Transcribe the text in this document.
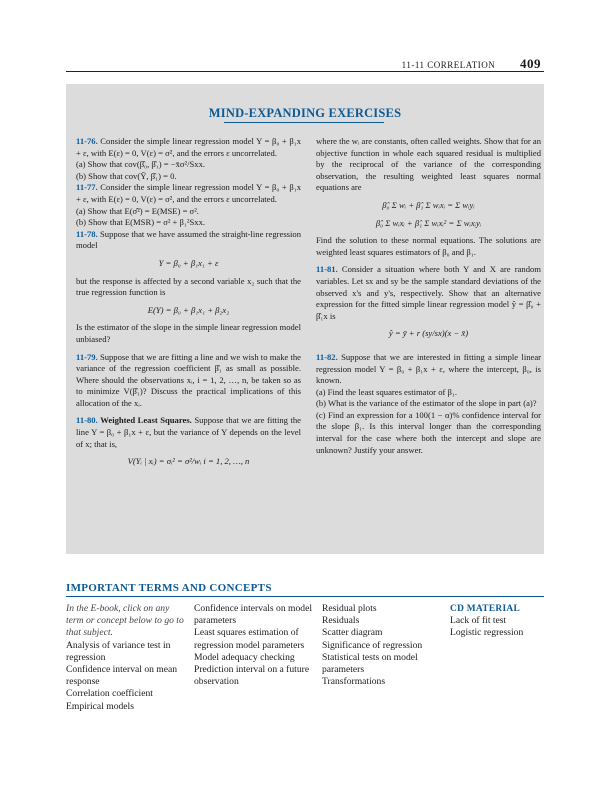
11-11 CORRELATION 409
MIND-EXPANDING EXERCISES

11-76. Consider the simple linear regression model Y = β₀ + β₁x + ε, with E(ε) = 0, V(ε) = σ², and the errors ε uncorrelated.

(a) Show that cov(β̂₀, β̂₁) = −x̄σ²/Sxx.

(b) Show that cov(Ȳ, β̂₁) = 0.

11-77. Consider the simple linear regression model Y = β₀ + β₁x + ε, with E(ε) = 0, V(ε) = σ², and the errors ε uncorrelated.

(a) Show that E(σ̂²) = E(MSE) = σ².

(b) Show that E(MSR) = σ² + β₁²Sxx.

11-78. Suppose that we have assumed the straight-line regression model

Y = β₀ + β₁x₁ + ε

but the response is affected by a second variable x₂ such that the true regression function is

E(Y) = β₀ + β₁x₁ + β₂x₂

Is the estimator of the slope in the simple linear regression model unbiased?

11-79. Suppose that we are fitting a line and we wish to make the variance of the regression coefficient β̂₁ as small as possible. Where should the observations xᵢ, i = 1, 2, …, n, be taken so as to minimize V(β̂₁)? Discuss the practical implications of this allocation of the xᵢ.

11-80. Weighted Least Squares. Suppose that we are fitting the line Y = β₀ + β₁x + ε, but the variance of Y depends on the level of x; that is,

V(Yᵢ | xᵢ) = σᵢ² = σ²/wᵢ i = 1, 2, …, n

where the wᵢ are constants, often called weights. Show that for an objective function in whole each squared residual is multiplied by the reciprocal of the variance of the corresponding observation, the resulting weighted least squares normal equations are

β̂₀ Σ wᵢ + β̂₁ Σ wᵢxᵢ = Σ wᵢyᵢ
β̂₀ Σ wᵢxᵢ + β̂₁ Σ wᵢxᵢ² = Σ wᵢxᵢyᵢ

Find the solution to these normal equations. The solutions are weighted least squares estimators of β₀ and β₁.

11-81. Consider a situation where both Y and X are random variables. Let sx and sy be the sample standard deviations of the observed x's and y's, respectively. Show that an alternative expression for the fitted simple linear regression model ŷ = β̂₀ + β̂₁x is

ŷ = ȳ + r (sy/sx)(x − x̄)

11-82. Suppose that we are interested in fitting a simple linear regression model Y = β₀ + β₁x + ε, where the intercept, β₀, is known.

(a) Find the least squares estimator of β₁.

(b) What is the variance of the estimator of the slope in part (a)?

(c) Find an expression for a 100(1 − α)% confidence interval for the slope β₁. Is this interval longer than the corresponding interval for the case where both the intercept and slope are unknown? Justify your answer.

IMPORTANT TERMS AND CONCEPTS
In the E-book, click on any term or concept below to go to that subject.
Analysis of variance test in regression
Confidence interval on mean response
Correlation coefficient
Empirical models
Confidence intervals on model parameters
Least squares estimation of regression model parameters
Model adequacy checking
Prediction interval on a future observation
Residual plots
Residuals
Scatter diagram
Significance of regression
Statistical tests on model parameters
Transformations
CD MATERIAL
Lack of fit test
Logistic regression
